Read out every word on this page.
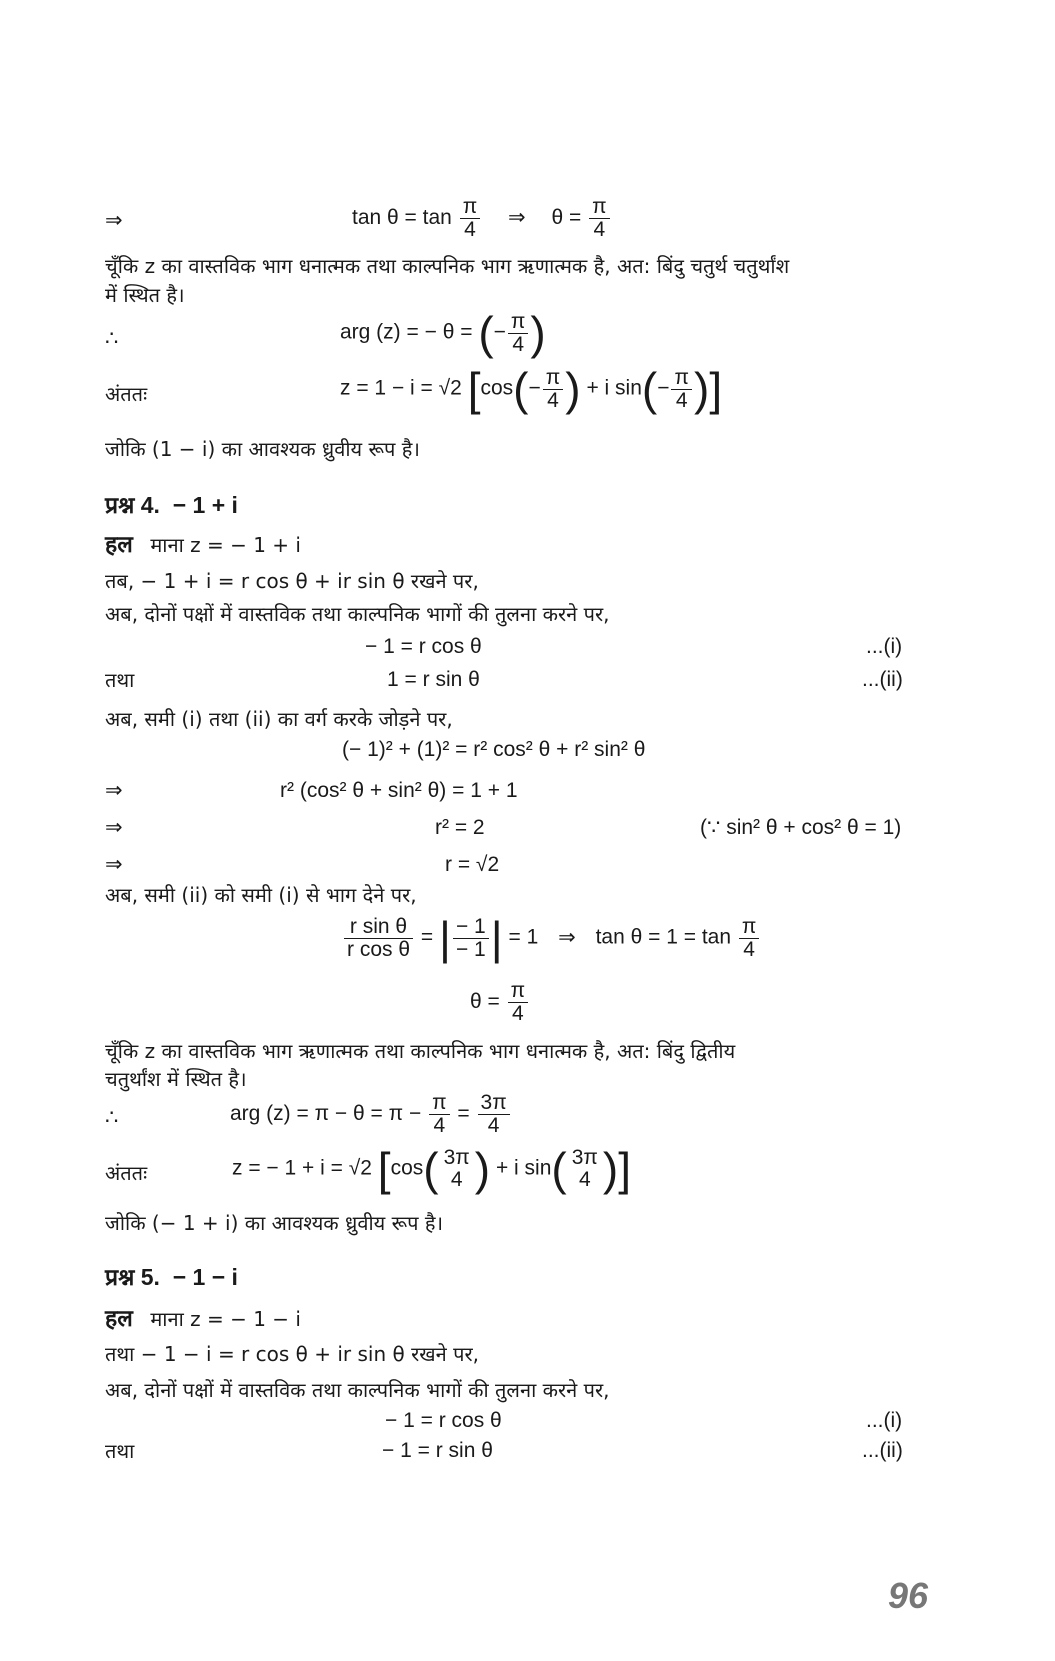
⇒	$\tan \theta = \tan \frac{\pi}{4}$ ⇒ $\theta = \frac{\pi}{4}$
चूँकि z का वास्तविक भाग धनात्मक तथा काल्पनिक भाग ऋणात्मक है, अत: बिंदु चतुर्थ चतुर्थांश
में स्थित है।
∴	arg (z) = − θ = (− $\frac{\pi}{4}$ )
अंततः	z = 1 − i = √2 [$\cos(- \frac{\pi}{4}$ ) + i $\sin(- \frac{\pi}{4}$ )]
जोकि (1 − i) का आवश्यक ध्रुवीय रूप है।
प्रश्न 4. − 1 + i
हल माना z = − 1 + i
तब, − 1 + i = r cos θ + ir sin θ रखने पर,
अब, दोनों पक्षों में वास्तविक तथा काल्पनिक भागों की तुलना करने पर,
− 1 = r cos θ	...(i)
तथा	1 = r sin θ	...(ii)
अब, समी (i) तथा (ii) का वर्ग करके जोड़ने पर,
(− 1)² + (1)² = r² cos² θ + r² sin² θ
⇒	r² (cos² θ + sin² θ) = 1 + 1
⇒	r² = 2	(∵ sin² θ + cos² θ = 1)
⇒	r = √2
अब, समी (ii) को समी (i) से भाग देने पर,
$\frac{\text{r sin θ}}{\text{r cos θ}}$ = | $\frac{- 1}{- 1}$ | = 1 ⇒ $\tan \theta = 1 = \tan \frac{\pi}{4}$
$\theta = \frac{\pi}{4}$
चूँकि z का वास्तविक भाग ऋणात्मक तथा काल्पनिक भाग धनात्मक है, अत: बिंदु द्वितीय
चतुर्थांश में स्थित है।
∴	arg $(z) = \pi - \theta = \pi - \frac{\pi}{4} = \frac{3\pi}{4}$
अंततः	z = − 1 + i = √2 [cos( 3π
4 ) + i sin( 3π
4 )]
जोकि (− 1 + i) का आवश्यक ध्रुवीय रूप है।
प्रश्न 5. − 1 − i
हल माना z = − 1 − i
तथा − 1 − i = r cos θ + ir sin θ रखने पर,
अब, दोनों पक्षों में वास्तविक तथा काल्पनिक भागों की तुलना करने पर,
− 1 = r cos θ	...(i)
तथा	− 1 = r sin θ	...(ii)
96
